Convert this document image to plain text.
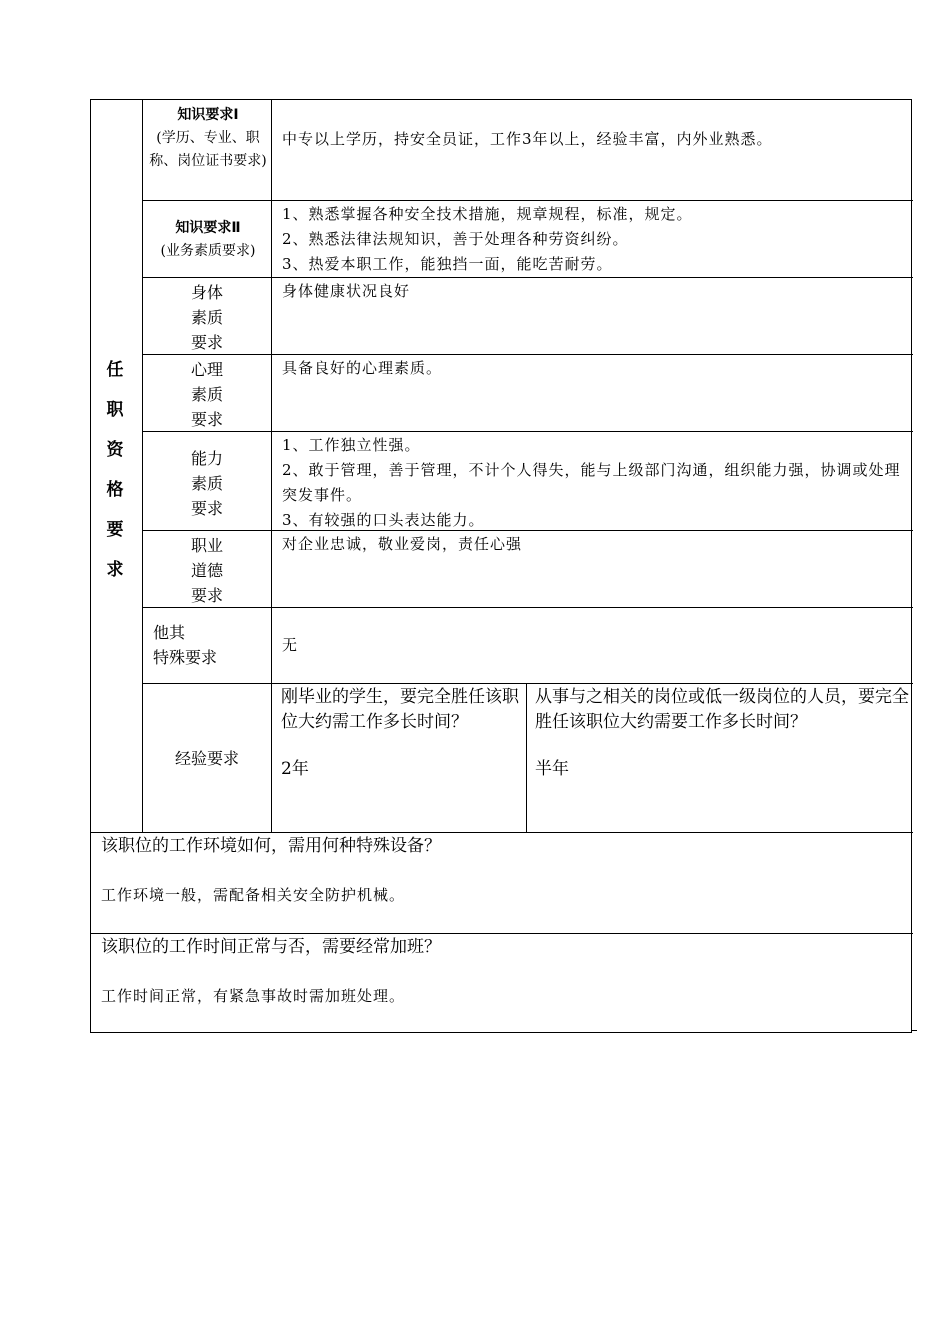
任
职
资
格
要
求
知识要求Ⅰ
(学历、专业、职称、岗位证书要求)

中专以上学历，持安全员证，工作3年以上，经验丰富，内外业熟悉。

知识要求Ⅱ
(业务素质要求)

1、熟悉掌握各种安全技术措施，规章规程，标准，规定。

2、熟悉法律法规知识，善于处理各种劳资纠纷。

3、热爱本职工作，能独挡一面，能吃苦耐劳。

身体
素质
要求

身体健康状况良好

心理
素质
要求

具备良好的心理素质。

能力
素质
要求

1、工作独立性强。

2、敢于管理，善于管理，不计个人得失，能与上级部门沟通，组织能力强，协调或处理突发事件。

3、有较强的口头表达能力。

职业
道德
要求

对企业忠诚，敬业爱岗，责任心强

他其
特殊要求

无

经验要求

刚毕业的学生，要完全胜任该职位大约需工作多长时间？

2年

从事与之相关的岗位或低一级岗位的人员，要完全胜任该职位大约需要工作多长时间？

半年

该职位的工作环境如何，需用何种特殊设备？

工作环境一般，需配备相关安全防护机械。

该职位的工作时间正常与否，需要经常加班？

工作时间正常，有紧急事故时需加班处理。
